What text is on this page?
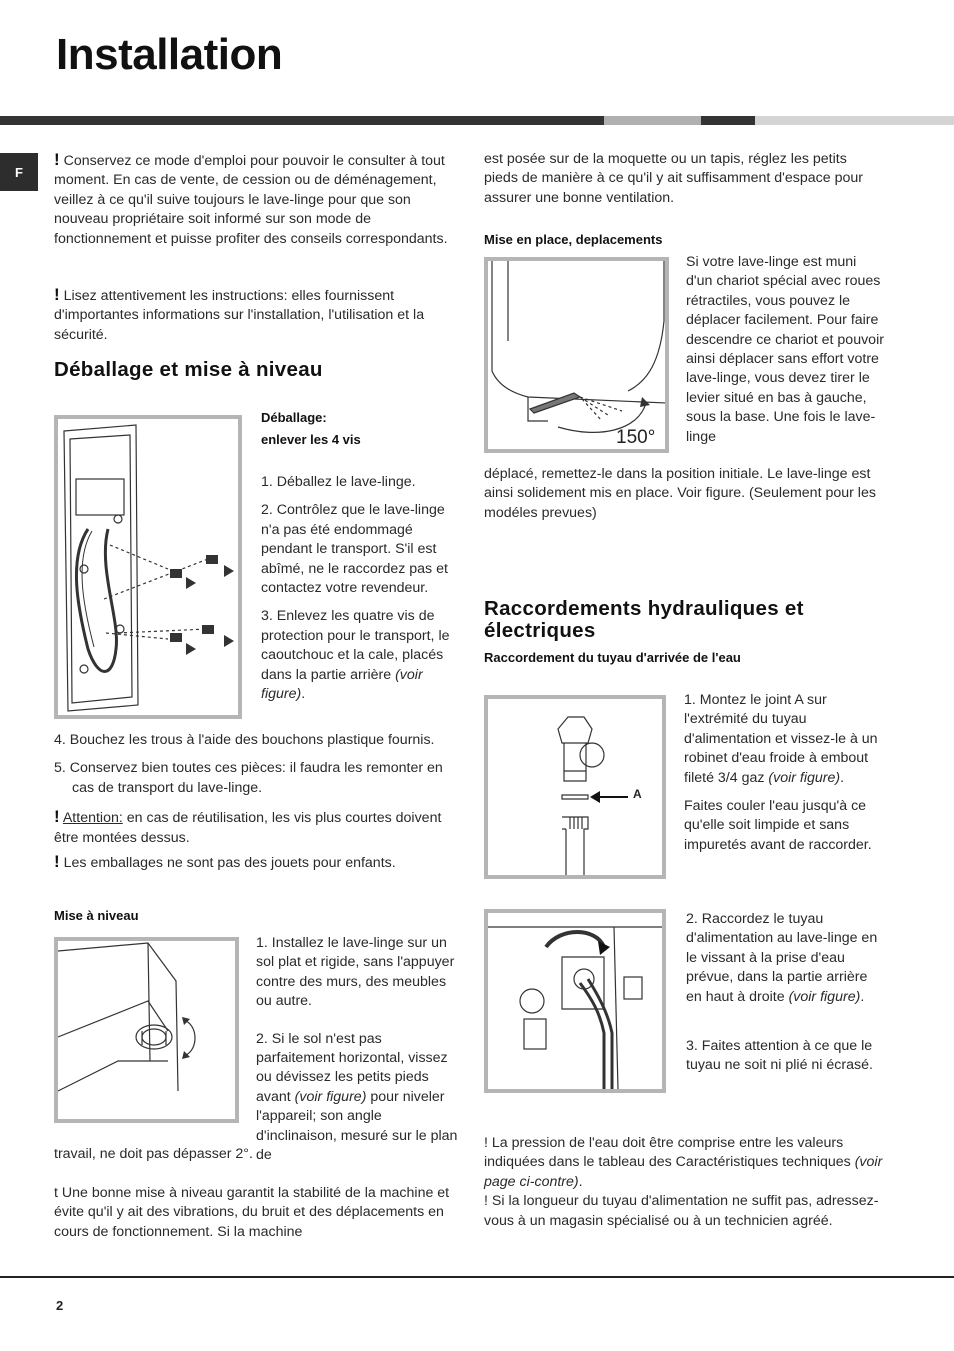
Installation
F
! Conservez ce mode d'emploi pour pouvoir le consulter à tout moment. En cas de vente, de cession ou de déménagement, veillez à ce qu'il suive toujours le lave-linge pour que son nouveau propriétaire soit informé sur son mode de fonctionnement et puisse profiter des conseils correspondants.
! Lisez attentivement les instructions: elles fournissent d'importantes informations sur l'installation, l'utilisation et la sécurité.
Déballage et mise à niveau
Déballage:
enlever les 4 vis

1. Déballez le lave-linge.

2. Contrôlez que le lave-linge n'a pas été endommagé pendant le transport. S'il est abîmé, ne le raccordez pas et contactez votre revendeur.

3. Enlevez les quatre vis de protection pour le transport, le caoutchouc et la cale, placés dans la partie arrière (voir figure).

4. Bouchez les trous à l'aide des bouchons plastique fournis.

5. Conservez bien toutes ces pièces: il faudra les remonter en cas de transport du lave-linge.

! Attention: en cas de réutilisation, les vis plus courtes doivent être montées dessus.

! Les emballages ne sont pas des jouets pour enfants.

Mise à niveau

1. Installez le lave-linge sur un sol plat et rigide, sans l'appuyer contre des murs, des meubles ou autre.

2. Si le sol n'est pas parfaitement horizontal, vissez ou dévissez les petits pieds avant (voir figure) pour niveler l'appareil; son angle d'inclinaison, mesuré sur le plan de

travail, ne doit pas dépasser 2°.
t Une bonne mise à niveau garantit la stabilité de la machine et évite qu'il y ait des vibrations, du bruit et des déplacements en cours de fonctionnement. Si la machine
est posée sur de la moquette ou un tapis, réglez les petits pieds de manière à ce qu'il y ait suffisamment d'espace pour assurer une bonne ventilation.
Mise en place, deplacements
150°
Si votre lave-linge est muni d'un chariot spécial avec roues rétractiles, vous pouvez le déplacer facilement. Pour faire descendre ce chariot et pouvoir ainsi déplacer sans effort votre lave-linge, vous devez tirer le levier situé en bas à gauche, sous la base. Une fois le lave-linge
déplacé, remettez-le dans la position initiale. Le lave-linge est ainsi solidement mis en place. Voir figure. (Seulement pour les modéles prevues)
Raccordements hydrauliques et électriques
Raccordement du tuyau d'arrivée de l'eau
A

1. Montez le joint A sur l'extrémité du tuyau d'alimentation et vissez-le à un robinet d'eau froide à embout fileté 3/4 gaz (voir figure).

Faites couler l'eau jusqu'à ce qu'elle soit limpide et sans impuretés avant de raccorder.

2. Raccordez le tuyau d'alimentation au lave-linge en le vissant à la prise d'eau prévue, dans la partie arrière en haut à droite (voir figure).

3. Faites attention à ce que le tuyau ne soit ni plié ni écrasé.

! La pression de l'eau doit être comprise entre les valeurs indiquées dans le tableau des Caractéristiques techniques (voir page ci-contre).

! Si la longueur du tuyau d'alimentation ne suffit pas, adressez-vous à un magasin spécialisé ou à un technicien agréé.

2
